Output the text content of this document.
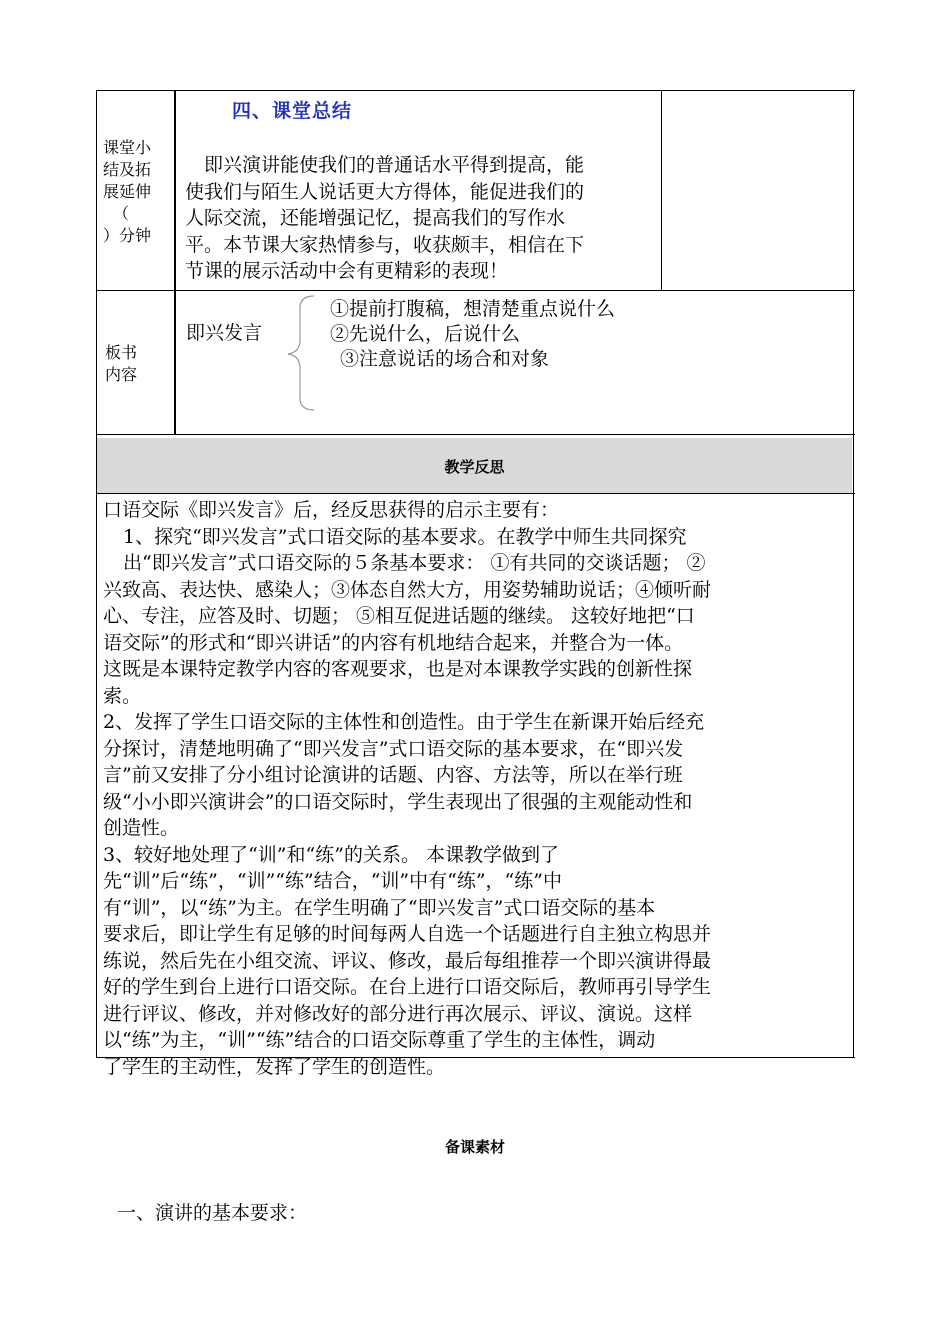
课堂小
结及拓
展延伸
（
）分钟
四、课堂总结
即兴演讲能使我们的普通话水平得到提高，能
使我们与陌生人说话更大方得体，能促进我们的
人际交流，还能增强记忆，提高我们的写作水
平。本节课大家热情参与，收获颇丰，相信在下
节课的展示活动中会有更精彩的表现！
板书
内容
即兴发言
①提前打腹稿，想清楚重点说什么
②先说什么，后说什么
③注意说话的场合和对象
教学反思

口语交际《即兴发言》后，经反思获得的启示主要有：

1、探究“即兴发言”式口语交际的基本要求。在教学中师生共同探究

出“即兴发言”式口语交际的５条基本要求： ①有共同的交谈话题； ②

兴致高、表达快、感染人；③体态自然大方，用姿势辅助说话；④倾听耐

心、专注，应答及时、切题； ⑤相互促进话题的继续。 这较好地把“口

语交际”的形式和“即兴讲话”的内容有机地结合起来，并整合为一体。

这既是本课特定教学内容的客观要求，也是对本课教学实践的创新性探

索。

2、发挥了学生口语交际的主体性和创造性。由于学生在新课开始后经充

分探讨，清楚地明确了“即兴发言”式口语交际的基本要求，在“即兴发

言”前又安排了分小组讨论演讲的话题、内容、方法等，所以在举行班

级“小小即兴演讲会”的口语交际时，学生表现出了很强的主观能动性和

创造性。

3、较好地处理了“训”和“练”的关系。 本课教学做到了

先“训”后“练”，“训”“练”结合，“训”中有“练”，“练”中

有“训”，以“练”为主。在学生明确了“即兴发言”式口语交际的基本

要求后，即让学生有足够的时间每两人自选一个话题进行自主独立构思并

练说，然后先在小组交流、评议、修改，最后每组推荐一个即兴演讲得最

好的学生到台上进行口语交际。在台上进行口语交际后，教师再引导学生

进行评议、修改，并对修改好的部分进行再次展示、评议、演说。这样

以“练”为主，“训”“练”结合的口语交际尊重了学生的主体性，调动

了学生的主动性，发挥了学生的创造性。

备课素材
一、演讲的基本要求：
